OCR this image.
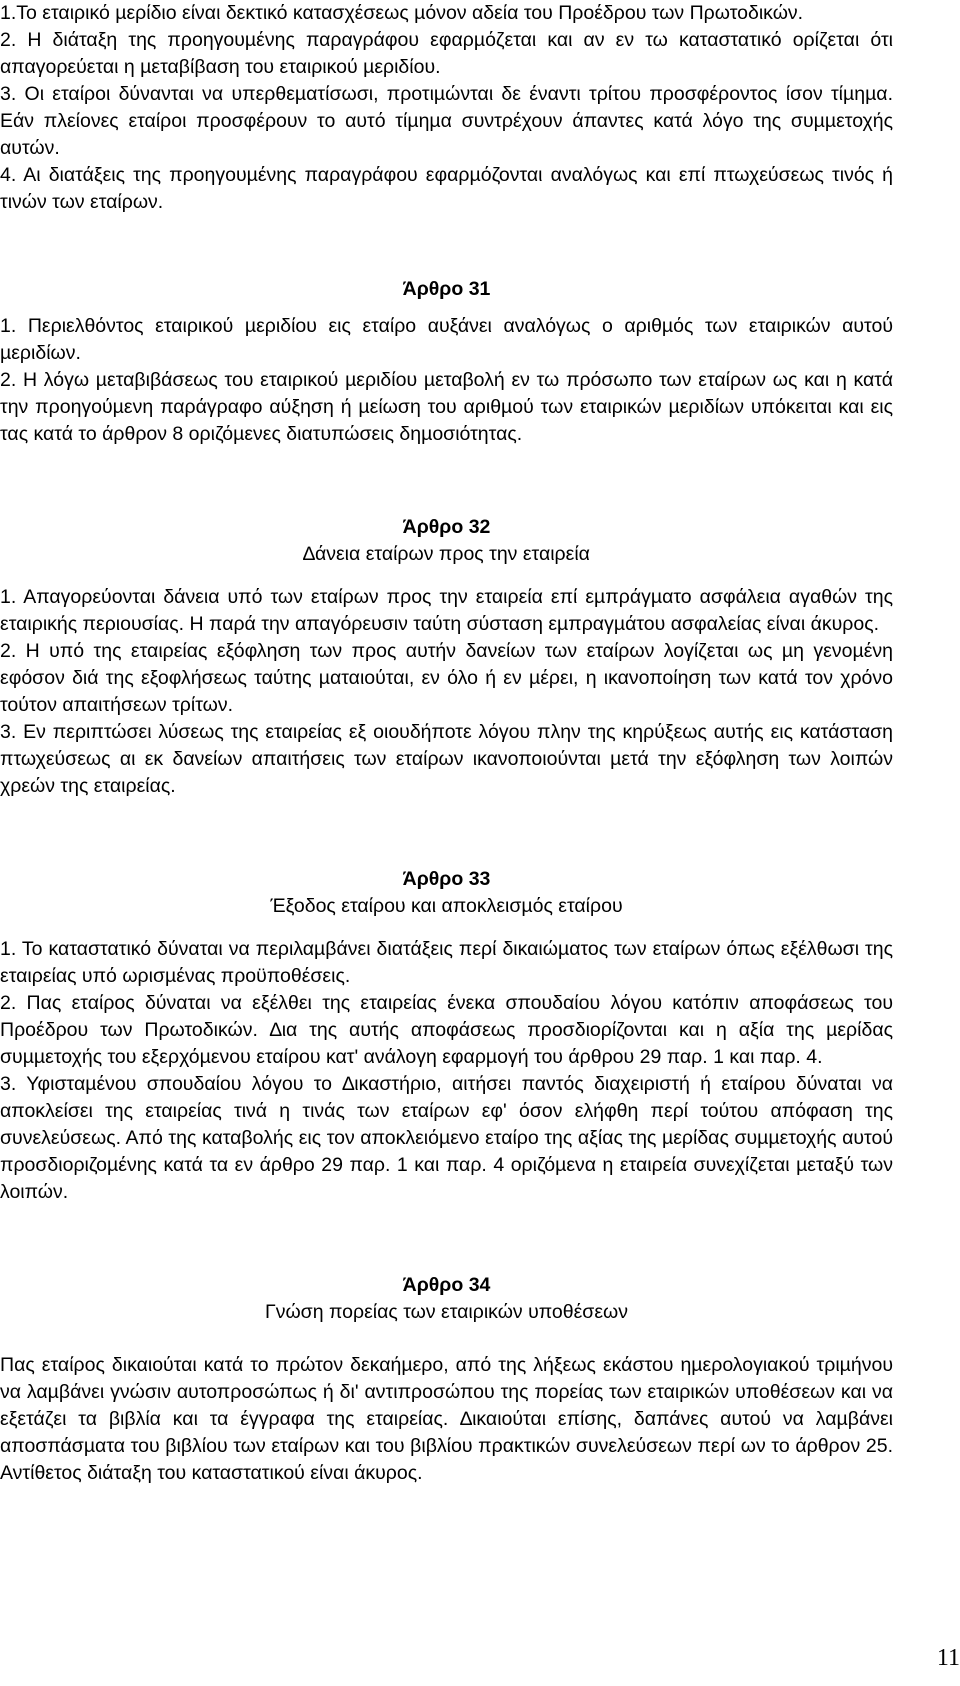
1.Το εταιρικό µερίδιο είναι δεκτικό κατασχέσεως µόνον αδεία του Προέδρου των Πρωτοδικών.

2. Η διάταξη της προηγουµένης παραγράφου εφαρµόζεται και αν εν τω καταστατικό ορίζεται ότι απαγορεύεται η µεταβίβαση του εταιρικού µεριδίου.

3. Οι εταίροι δύνανται να υπερθεµατίσωσι, προτιµώνται δε έναντι τρίτου προσφέροντος ίσον τίµηµα. Εάν πλείονες εταίροι προσφέρουν το αυτό τίµηµα συντρέχουν άπαντες κατά λόγο της συµµετοχής αυτών.

4. Αι διατάξεις της προηγουµένης παραγράφου εφαρµόζονται αναλόγως και επί πτωχεύσεως τινός ή τινών των εταίρων.

Άρθρο 31

1. Περιελθόντος εταιρικού µεριδίου εις εταίρο αυξάνει αναλόγως ο αριθµός των εταιρικών αυτού µεριδίων.

2. Η λόγω µεταβιβάσεως του εταιρικού µεριδίου µεταβολή εν τω πρόσωπο των εταίρων ως και η κατά την προηγούµενη παράγραφο αύξηση ή µείωση του αριθµού των εταιρικών µεριδίων υπόκειται και εις τας κατά το άρθρον 8 οριζόµενες διατυπώσεις δηµοσιότητας.

Άρθρο 32
∆άνεια εταίρων προς την εταιρεία

1. Απαγορεύονται δάνεια υπό των εταίρων προς την εταιρεία επί εµπράγµατο ασφάλεια αγαθών της εταιρικής περιουσίας. Η παρά την απαγόρευσιν ταύτη σύσταση εµπραγµάτου ασφαλείας είναι άκυρος.

2. Η υπό της εταιρείας εξόφληση των προς αυτήν δανείων των εταίρων λογίζεται ως µη γενοµένη εφόσον διά της εξοφλήσεως ταύτης µαταιούται, εν όλο ή εν µέρει, η ικανοποίηση των κατά τον χρόνο τούτον απαιτήσεων τρίτων.

3. Εν περιπτώσει λύσεως της εταιρείας εξ οιουδήποτε λόγου πλην της κηρύξεως αυτής εις κατάσταση πτωχεύσεως αι εκ δανείων απαιτήσεις των εταίρων ικανοποιούνται µετά την εξόφληση των λοιπών χρεών της εταιρείας.

Άρθρο 33
Έξοδος εταίρου και αποκλεισµός εταίρου

1. Το καταστατικό δύναται να περιλαµβάνει διατάξεις περί δικαιώµατος των εταίρων όπως εξέλθωσι της εταιρείας υπό ωρισµένας προϋποθέσεις.

2. Πας εταίρος δύναται να εξέλθει της εταιρείας ένεκα σπουδαίου λόγου κατόπιν αποφάσεως του Προέδρου των Πρωτοδικών. ∆ια της αυτής αποφάσεως προσδιορίζονται και η αξία της µερίδας συµµετοχής του εξερχόµενου εταίρου κατ' ανάλογη εφαρµογή του άρθρου 29 παρ. 1 και παρ. 4.

3. Υφισταµένου σπουδαίου λόγου το ∆ικαστήριο, αιτήσει παντός διαχειριστή ή εταίρου δύναται να αποκλείσει της εταιρείας τινά η τινάς των εταίρων εφ' όσον ελήφθη περί τούτου απόφαση της συνελεύσεως. Από της καταβολής εις τον αποκλειόµενο εταίρο της αξίας της µερίδας συµµετοχής αυτού προσδιοριζοµένης κατά τα εν άρθρο 29 παρ. 1 και παρ. 4 οριζόµενα η εταιρεία συνεχίζεται µεταξύ των λοιπών.

Άρθρο 34
Γνώση πορείας των εταιρικών υποθέσεων

Πας εταίρος δικαιούται κατά το πρώτον δεκαήµερο, από της λήξεως εκάστου ηµερολογιακού τριµήνου να λαµβάνει γνώσιν αυτοπροσώπως ή δι' αντιπροσώπου της πορείας των εταιρικών υποθέσεων και να εξετάζει τα βιβλία και τα έγγραφα της εταιρείας. ∆ικαιούται επίσης, δαπάνες αυτού να λαµβάνει αποσπάσµατα του βιβλίου των εταίρων και του βιβλίου πρακτικών συνελεύσεων περί ων το άρθρον 25. Αντίθετος διάταξη του καταστατικού είναι άκυρος.

11
